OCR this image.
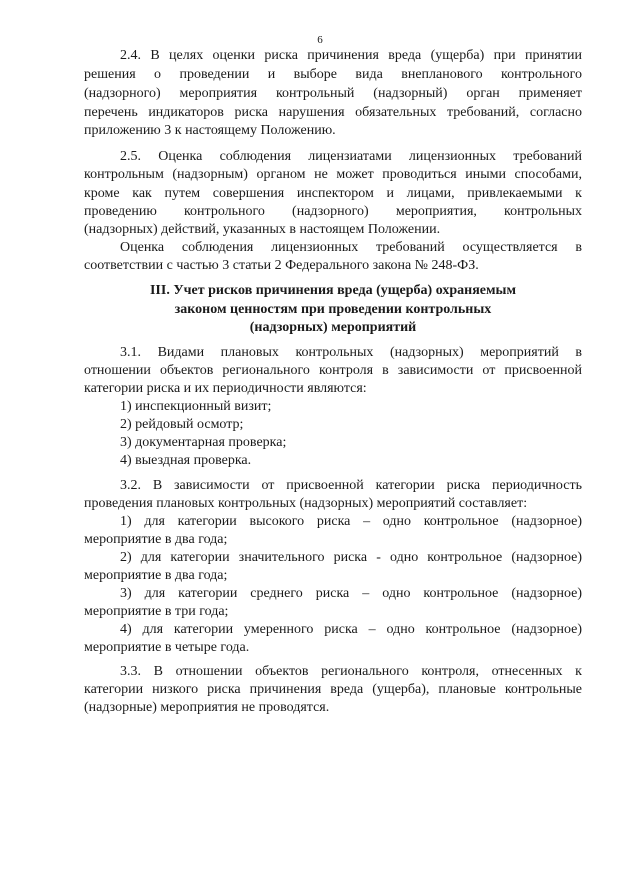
6
2.4. В целях оценки риска причинения вреда (ущерба) при принятии
решения о проведении и выборе вида внепланового контрольного
(надзорного) мероприятия контрольный (надзорный) орган применяет
перечень индикаторов риска нарушения обязательных требований, согласно
приложению 3 к настоящему Положению.
2.5. Оценка соблюдения лицензиатами лицензионных требований
контрольным (надзорным) органом не может проводиться иными способами,
кроме как путем совершения инспектором и лицами, привлекаемыми к
проведению контрольного (надзорного) мероприятия, контрольных
(надзорных) действий, указанных в настоящем Положении.
Оценка соблюдения лицензионных требований осуществляется в
соответствии с частью 3 статьи 2 Федерального закона № 248-ФЗ.
III. Учет рисков причинения вреда (ущерба) охраняемым
законом ценностям при проведении контрольных
(надзорных) мероприятий
3.1. Видами плановых контрольных (надзорных) мероприятий в
отношении объектов регионального контроля в зависимости от присвоенной
категории риска и их периодичности являются:
1) инспекционный визит;
2) рейдовый осмотр;
3) документарная проверка;
4) выездная проверка.
3.2. В зависимости от присвоенной категории риска периодичность
проведения плановых контрольных (надзорных) мероприятий составляет:
1) для категории высокого риска – одно контрольное (надзорное)
мероприятие в два года;
2) для категории значительного риска - одно контрольное (надзорное)
мероприятие в два года;
3) для категории среднего риска – одно контрольное (надзорное)
мероприятие в три года;
4) для категории умеренного риска – одно контрольное (надзорное)
мероприятие в четыре года.
3.3. В отношении объектов регионального контроля, отнесенных к
категории низкого риска причинения вреда (ущерба), плановые контрольные
(надзорные) мероприятия не проводятся.
